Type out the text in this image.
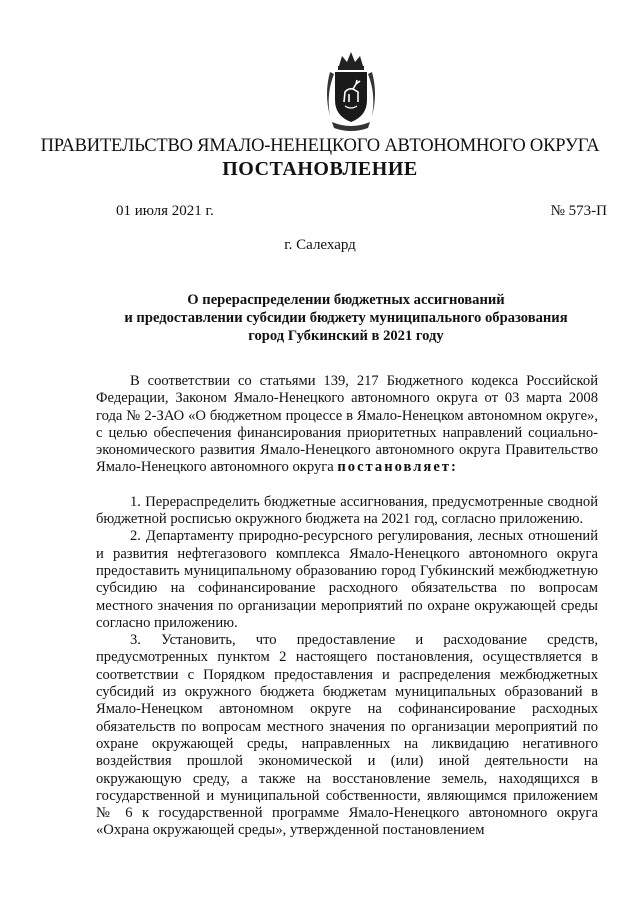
ПРАВИТЕЛЬСТВО ЯМАЛО-НЕНЕЦКОГО АВТОНОМНОГО ОКРУГА
ПОСТАНОВЛЕНИЕ
01 июля 2021 г.	№ 573-П
г. Салехард
О перераспределении бюджетных ассигнований
и предоставлении субсидии бюджету муниципального образования
город Губкинский в 2021 году

В соответствии со статьями 139, 217 Бюджетного кодекса Российской Федерации, Законом Ямало-Ненецкого автономного округа от 03 марта 2008 года № 2-ЗАО «О бюджетном процессе в Ямало-Ненецком автономном округе», с целью обеспечения финансирования приоритетных направлений социально-экономического развития Ямало-Ненецкого автономного округа Правительство Ямало-Ненецкого автономного округа постановляет:

1. Перераспределить бюджетные ассигнования, предусмотренные сводной бюджетной росписью окружного бюджета на 2021 год, согласно приложению.

2. Департаменту природно-ресурсного регулирования, лесных отношений и развития нефтегазового комплекса Ямало-Ненецкого автономного округа предоставить муниципальному образованию город Губкинский межбюджетную субсидию на софинансирование расходного обязательства по вопросам местного значения по организации мероприятий по охране окружающей среды согласно приложению.

3. Установить, что предоставление и расходование средств, предусмотренных пунктом 2 настоящего постановления, осуществляется в соответствии с Порядком предоставления и распределения межбюджетных субсидий из окружного бюджета бюджетам муниципальных образований в Ямало-Ненецком автономном округе на софинансирование расходных обязательств по вопросам местного значения по организации мероприятий по охране окружающей среды, направленных на ликвидацию негативного воздействия прошлой экономической и (или) иной деятельности на окружающую среду, а также на восстановление земель, находящихся в государственной и муниципальной собственности, являющимся приложением № 6 к государственной программе Ямало-Ненецкого автономного округа «Охрана окружающей среды», утвержденной постановлением
